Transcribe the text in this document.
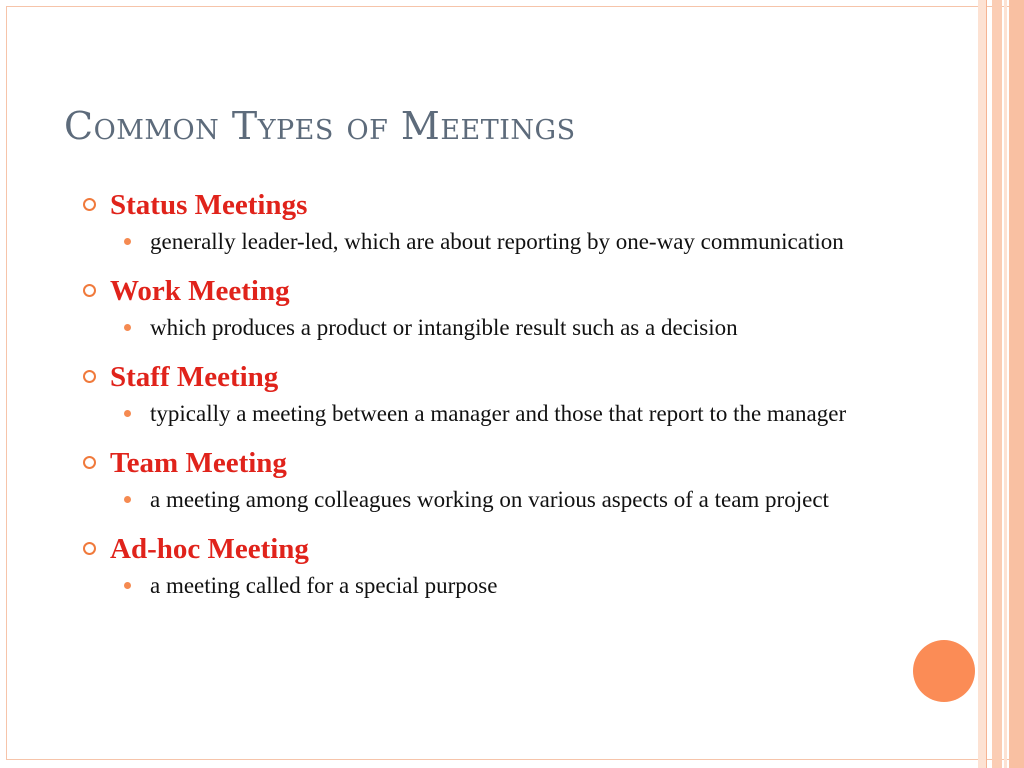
Common Types of Meetings
Status Meetings
generally leader-led, which are about reporting by one-way communication
Work Meeting
which produces a product or intangible result such as a decision
Staff Meeting
typically a meeting between a manager and those that report to the manager
Team Meeting
a meeting among colleagues working on various aspects of a team project
Ad-hoc Meeting
a meeting called for a special purpose
